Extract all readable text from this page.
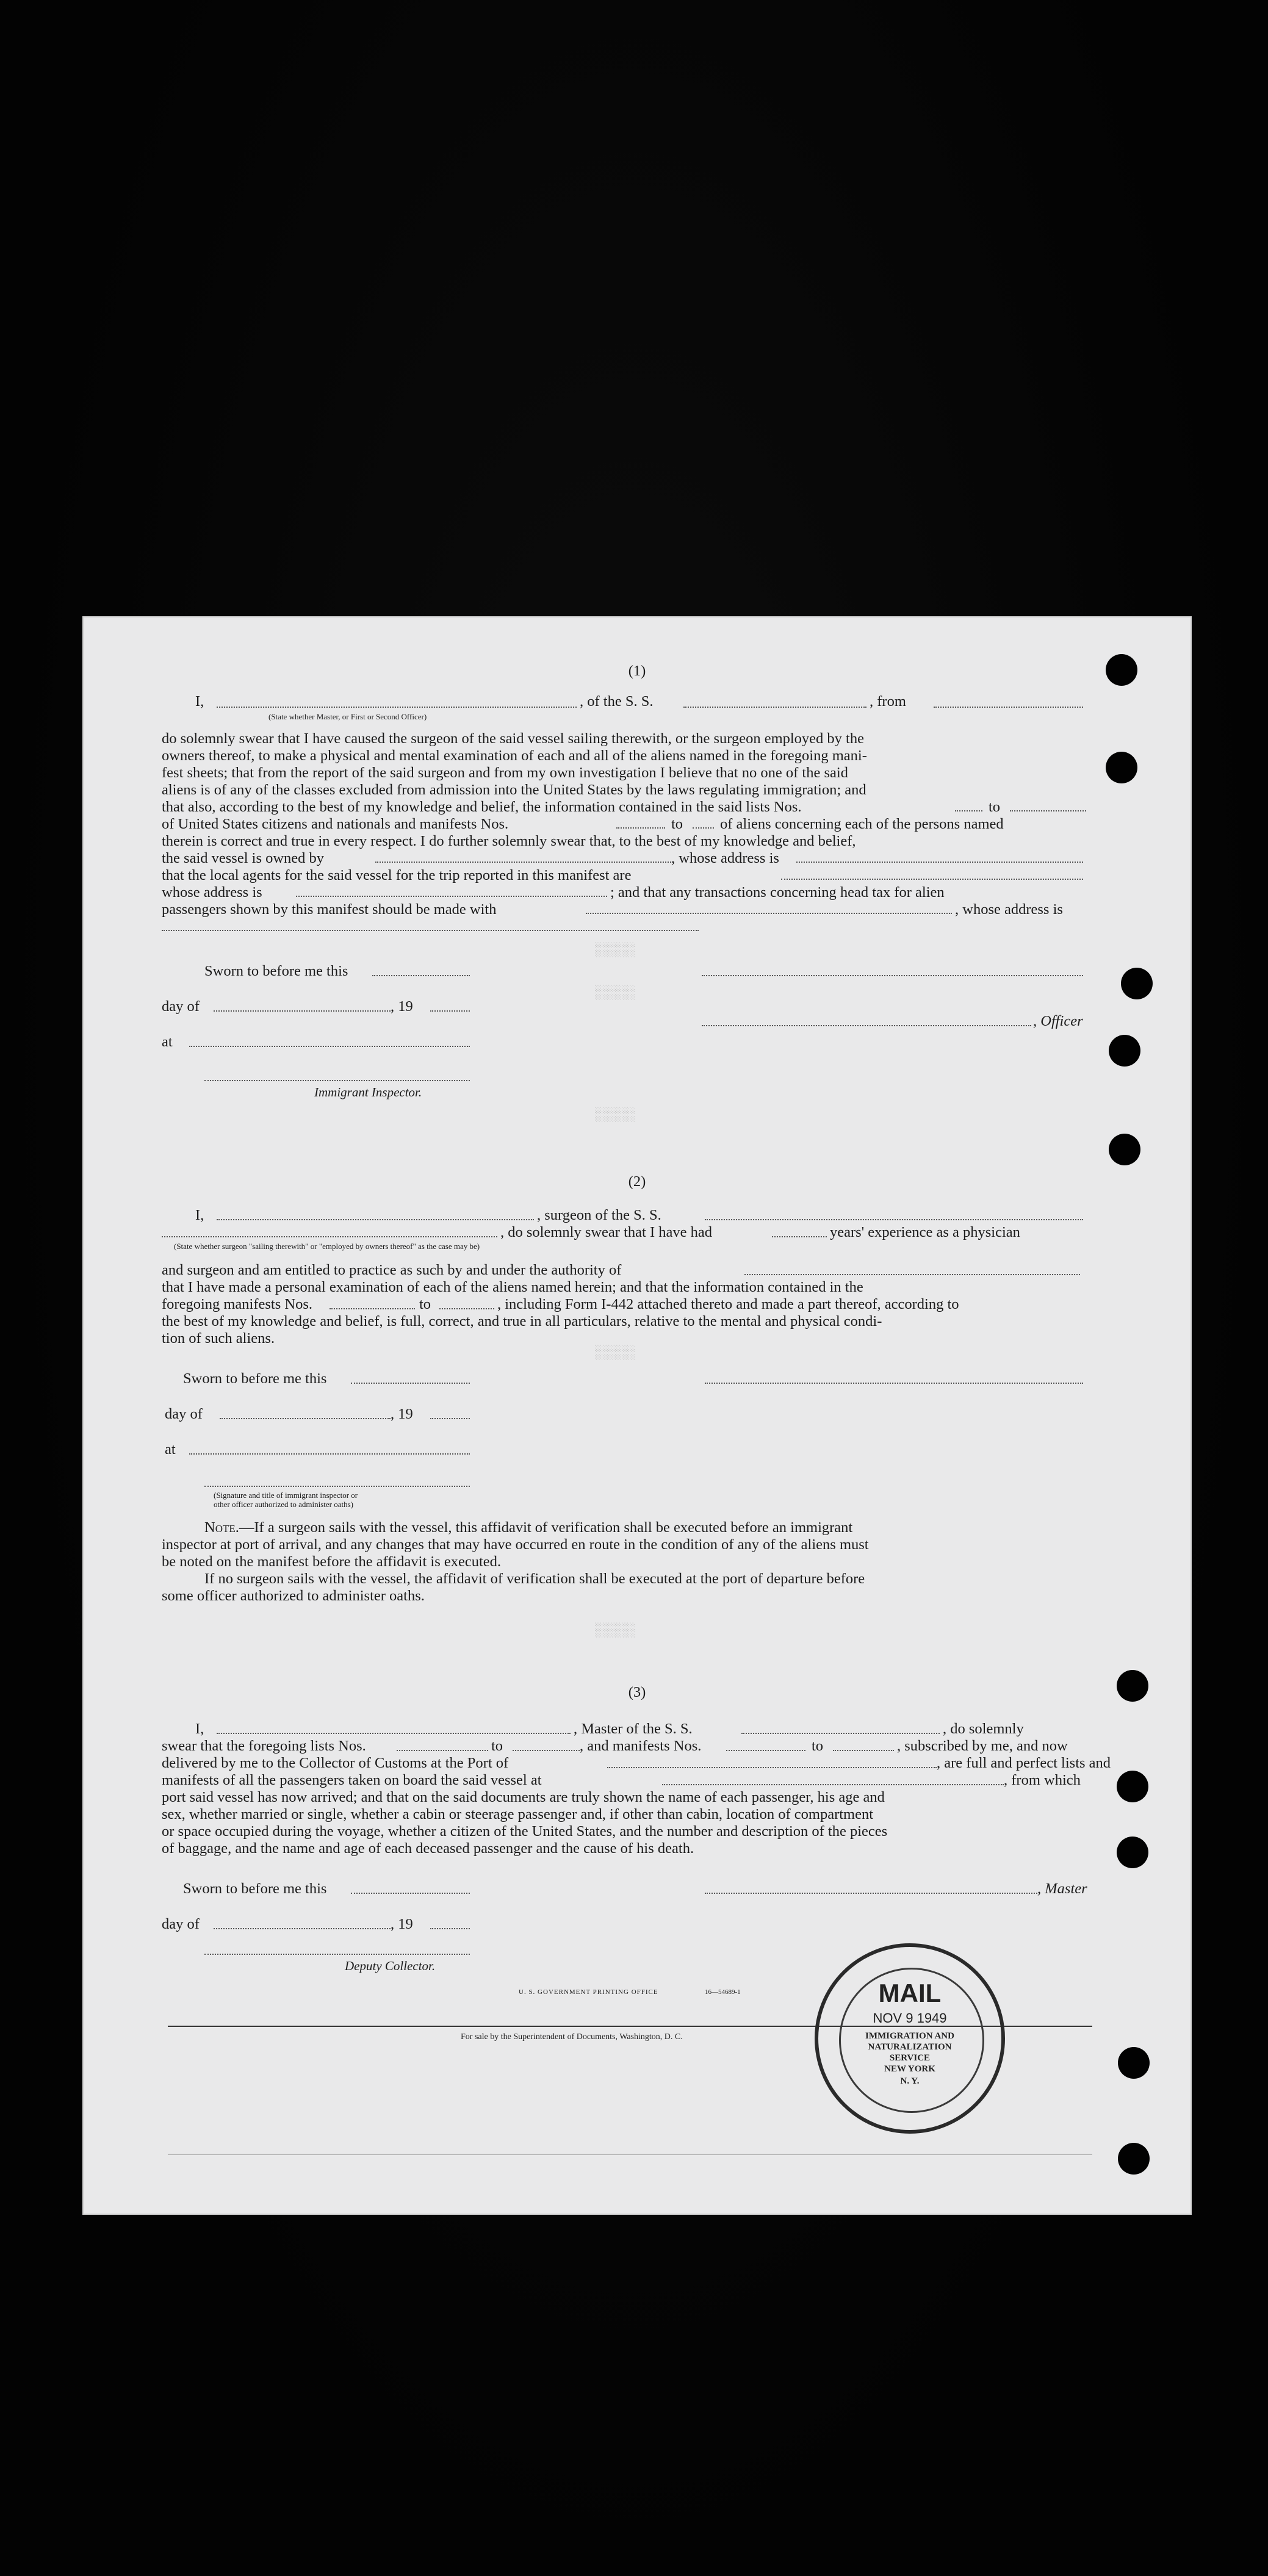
░░░░░
░░░░░
░░░░░
░░░░░
░░░░░
(1)
I,	, of the S. S.	, from
(State whether Master, or First or Second Officer)
do solemnly swear that I have caused the surgeon of the said vessel sailing therewith, or the surgeon employed by the
owners thereof, to make a physical and mental examination of each and all of the aliens named in the foregoing mani-
fest sheets; that from the report of the said surgeon and from my own investigation I believe that no one of the said
aliens is of any of the classes excluded from admission into the United States by the laws regulating immigration; and
that also, according to the best of my knowledge and belief, the information contained in the said lists Nos.	to
of United States citizens and nationals and manifests Nos.	to of aliens concerning each of the persons named
therein is correct and true in every respect. I do further solemnly swear that, to the best of my knowledge and belief,
the said vessel is owned by	, whose address is
that the local agents for the said vessel for the trip reported in this manifest are
whose address is	; and that any transactions concerning head tax for alien
passengers shown by this manifest should be made with	, whose address is
Sworn to before me this
day of	, 19
, Officer
at
Immigrant Inspector.
(2)
I,	, surgeon of the S. S.
, do solemnly swear that I have had	years' experience as a physician
(State whether surgeon "sailing therewith" or "employed by owners thereof" as the case may be)
and surgeon and am entitled to practice as such by and under the authority of
that I have made a personal examination of each of the aliens named herein; and that the information contained in the
foregoing manifests Nos.	to	, including Form I-442 attached thereto and made a part thereof, according to
the best of my knowledge and belief, is full, correct, and true in all particulars, relative to the mental and physical condi-
tion of such aliens.
Sworn to before me this
day of	, 19
at
(Signature and title of immigrant inspector or
other officer authorized to administer oaths)
Note.—If a surgeon sails with the vessel, this affidavit of verification shall be executed before an immigrant
inspector at port of arrival, and any changes that may have occurred en route in the condition of any of the aliens must
be noted on the manifest before the affidavit is executed.
If no surgeon sails with the vessel, the affidavit of verification shall be executed at the port of departure before
some officer authorized to administer oaths.
(3)
I,	, Master of the S. S.	, do solemnly
swear that the foregoing lists Nos.	to	, and manifests Nos.	to	, subscribed by me, and now
delivered by me to the Collector of Customs at the Port of	, are full and perfect lists and
manifests of all the passengers taken on board the said vessel at	, from which
port said vessel has now arrived; and that on the said documents are truly shown the name of each passenger, his age and
sex, whether married or single, whether a cabin or steerage passenger and, if other than cabin, location of compartment
or space occupied during the voyage, whether a citizen of the United States, and the number and description of the pieces
of baggage, and the name and age of each deceased passenger and the cause of his death.
Sworn to before me this	, Master
day of	, 19
Deputy Collector.
U. S. GOVERNMENT PRINTING OFFICE	16—54689-1
For sale by the Superintendent of Documents, Washington, D. C.
MAIL
NOV 9 1949
IMMIGRATION AND
NATURALIZATION
SERVICE
NEW YORK
N. Y.
